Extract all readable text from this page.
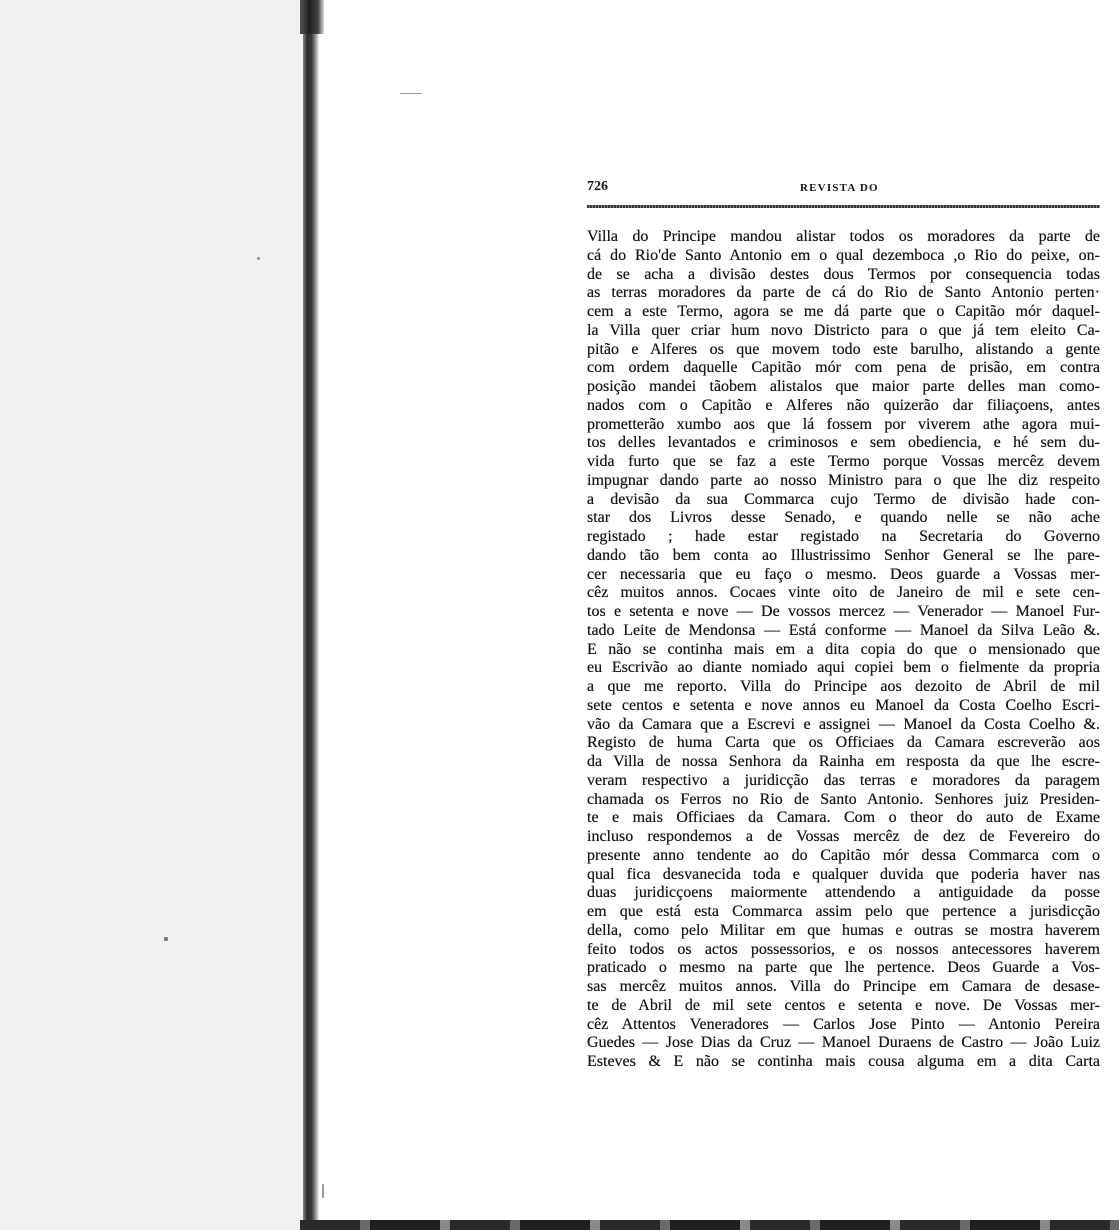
726	REVISTA DO
Villa do Principe mandou alistar todos os moradores da parte de
cá do Rio'de Santo Antonio em o qual dezemboca ,o Rio do peixe, on-
de se acha a divisão destes dous Termos por consequencia todas
as terras moradores da parte de cá do Rio de Santo Antonio perten·
cem a este Termo, agora se me dá parte que o Capitão mór daquel-
la Villa quer criar hum novo Districto para o que já tem eleito Ca-
pitão e Alferes os que movem todo este barulho, alistando a gente
com ordem daquelle Capitão mór com pena de prisão, em contra
posição mandei tãobem alistalos que maior parte delles man como-
nados com o Capitão e Alferes não quizerão dar filiaçoens, antes
prometterão xumbo aos que lá fossem por viverem athe agora mui-
tos delles levantados e criminosos e sem obediencia, e hé sem du-
vida furto que se faz a este Termo porque Vossas mercêz devem
impugnar dando parte ao nosso Ministro para o que lhe diz respeito
a devisão da sua Commarca cujo Termo de divisão hade con-
star dos Livros desse Senado, e quando nelle se não ache
registado ; hade estar registado na Secretaria do Governo
dando tão bem conta ao Illustrissimo Senhor General se lhe pare-
cer necessaria que eu faço o mesmo. Deos guarde a Vossas mer-
cêz muitos annos. Cocaes vinte oito de Janeiro de mil e sete cen-
tos e setenta e nove — De vossos mercez — Venerador — Manoel Fur-
tado Leite de Mendonsa — Está conforme — Manoel da Silva Leão &.
E não se continha mais em a dita copia do que o mensionado que
eu Escrivão ao diante nomiado aqui copiei bem o fielmente da propria
a que me reporto. Villa do Principe aos dezoito de Abril de mil
sete centos e setenta e nove annos eu Manoel da Costa Coelho Escri-
vão da Camara que a Escrevi e assignei — Manoel da Costa Coelho &.
Registo de huma Carta que os Officiaes da Camara escreverão aos
da Villa de nossa Senhora da Rainha em resposta da que lhe escre-
veram respectivo a juridicção das terras e moradores da paragem
chamada os Ferros no Rio de Santo Antonio. Senhores juiz Presiden-
te e mais Officiaes da Camara. Com o theor do auto de Exame
incluso respondemos a de Vossas mercêz de dez de Fevereiro do
presente anno tendente ao do Capitão mór dessa Commarca com o
qual fica desvanecida toda e qualquer duvida que poderia haver nas
duas juridicçoens maiormente attendendo a antiguidade da posse
em que está esta Commarca assim pelo que pertence a jurisdicção
della, como pelo Militar em que humas e outras se mostra haverem
feito todos os actos possessorios, e os nossos antecessores haverem
praticado o mesmo na parte que lhe pertence. Deos Guarde a Vos-
sas mercêz muitos annos. Villa do Principe em Camara de desase-
te de Abril de mil sete centos e setenta e nove. De Vossas mer-
cêz Attentos Veneradores — Carlos Jose Pinto — Antonio Pereira
Guedes — Jose Dias da Cruz — Manoel Duraens de Castro — João Luiz
Esteves & E não se continha mais cousa alguma em a dita Carta
